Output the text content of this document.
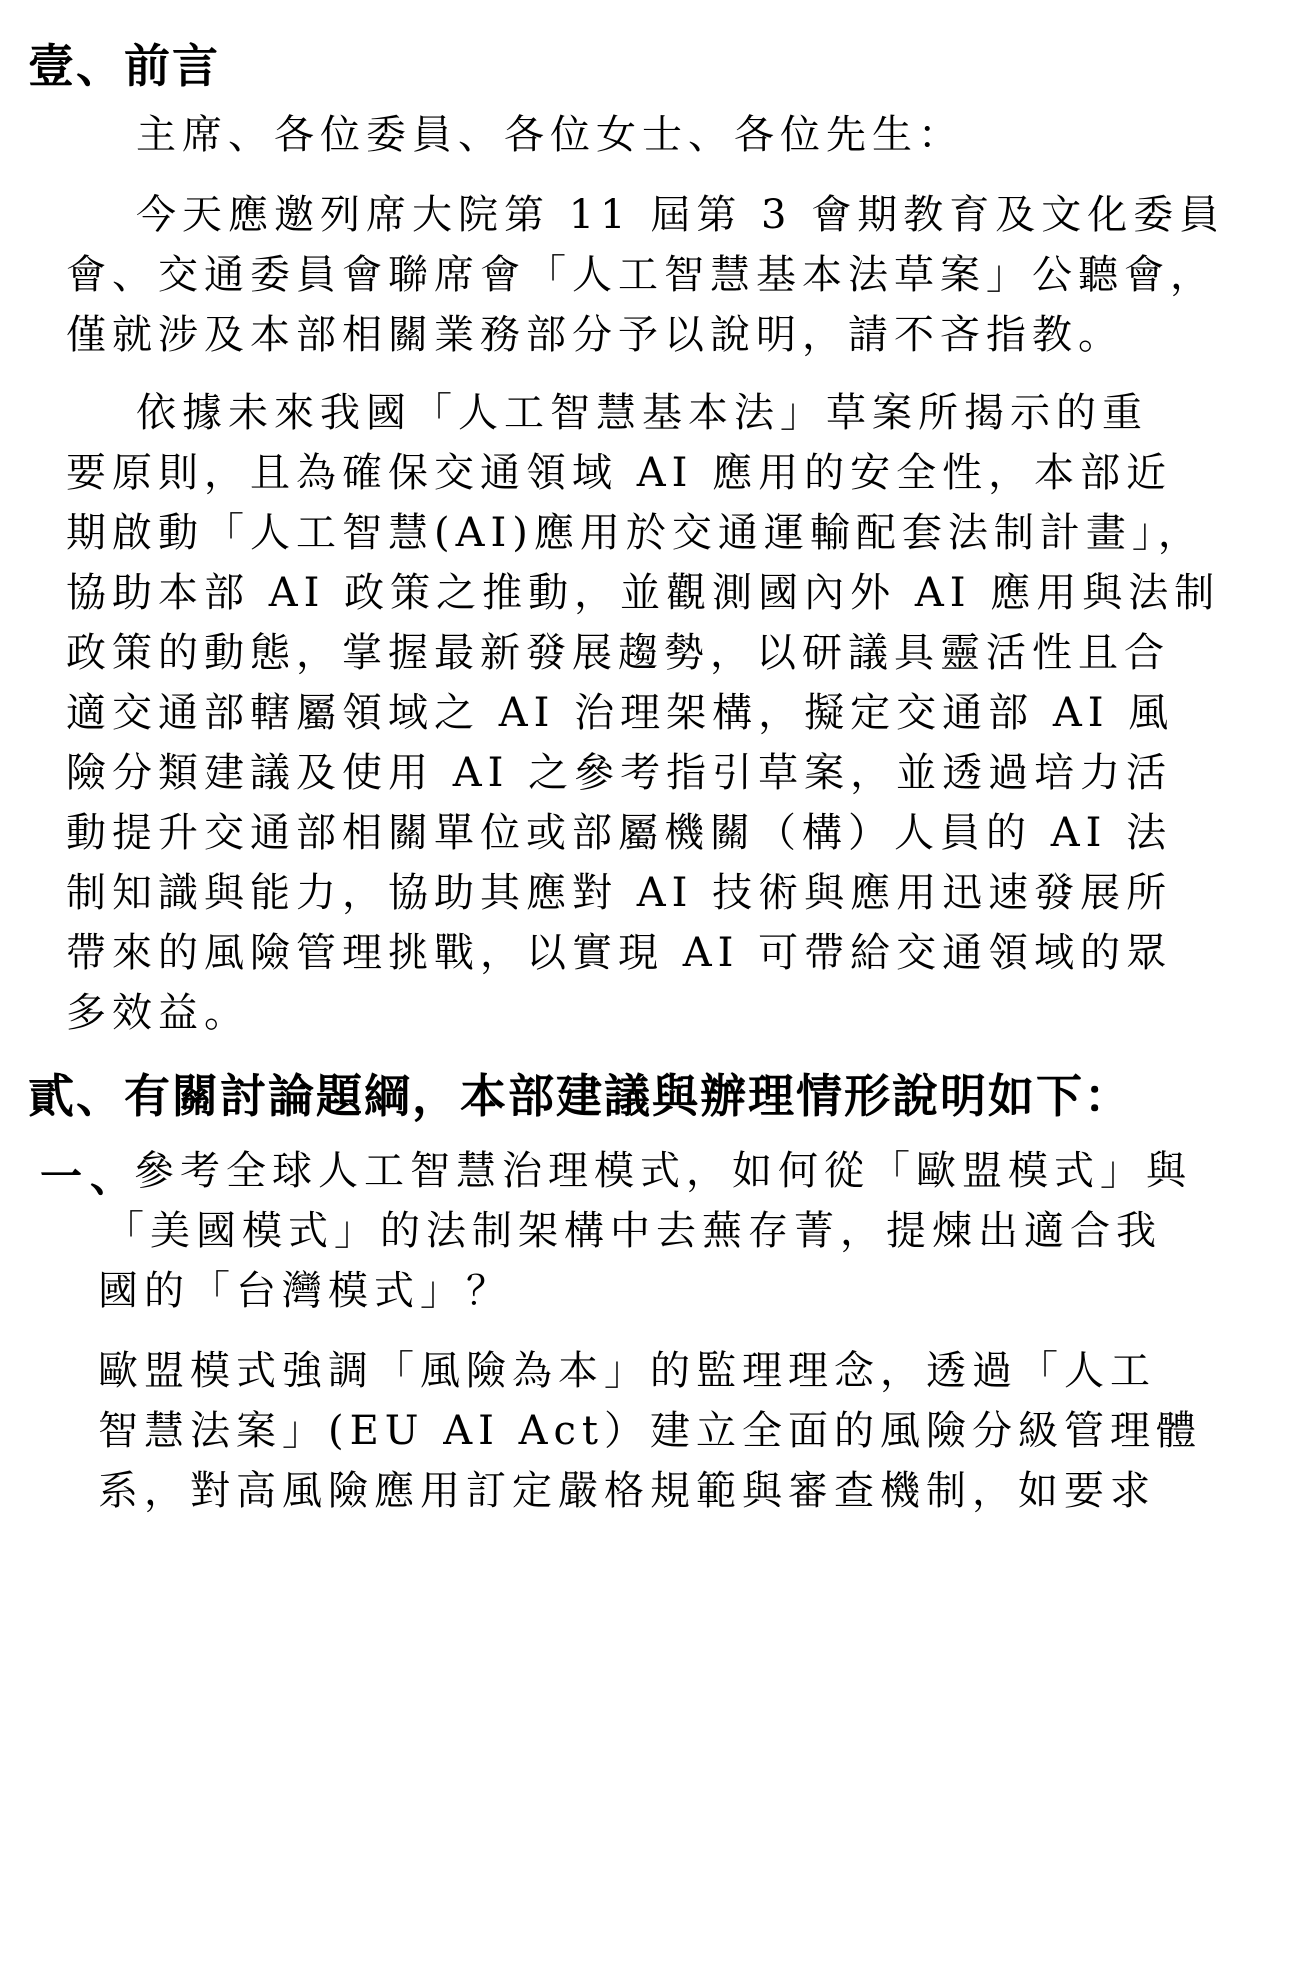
壹、前言

主席、各位委員、各位女士、各位先生：

今天應邀列席大院第 11 屆第 3 會期教育及文化委員

會、交通委員會聯席會「人工智慧基本法草案」公聽會，

僅就涉及本部相關業務部分予以說明，請不吝指教。

依據未來我國「人工智慧基本法」草案所揭示的重

要原則，且為確保交通領域 AI 應用的安全性，本部近

期啟動「人工智慧(AI)應用於交通運輸配套法制計畫」，

協助本部 AI 政策之推動，並觀測國內外 AI 應用與法制

政策的動態，掌握最新發展趨勢，以研議具靈活性且合

適交通部轄屬領域之 AI 治理架構，擬定交通部 AI 風

險分類建議及使用 AI 之參考指引草案，並透過培力活

動提升交通部相關單位或部屬機關（構）人員的 AI 法

制知識與能力，協助其應對 AI 技術與應用迅速發展所

帶來的風險管理挑戰，以實現 AI 可帶給交通領域的眾

多效益。

貳、有關討論題綱，本部建議與辦理情形說明如下：
一、

參考全球人工智慧治理模式，如何從「歐盟模式」與

「美國模式」的法制架構中去蕪存菁，提煉出適合我

國的「台灣模式」？

歐盟模式強調「風險為本」的監理理念，透過「人工

智慧法案」(EU AI Act）建立全面的風險分級管理體

系，對高風險應用訂定嚴格規範與審查機制，如要求
